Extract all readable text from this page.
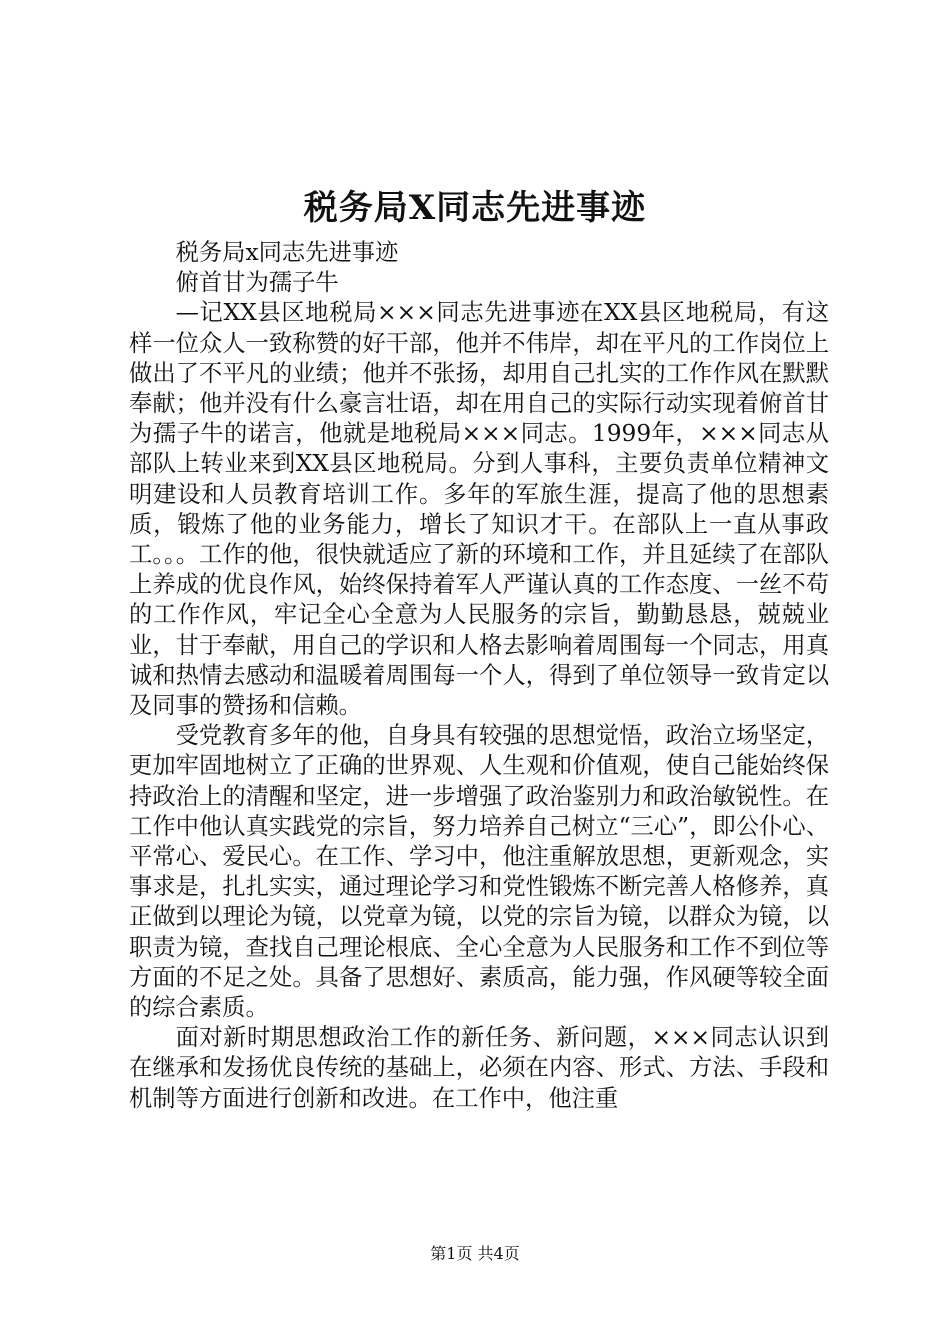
税务局X同志先进事迹

税务局x同志先进事迹

俯首甘为孺子牛

—记XX县区地税局×××同志先进事迹在XX县区地税局，有这样一位众人一致称赞的好干部，他并不伟岸，却在平凡的工作岗位上做出了不平凡的业绩；他并不张扬，却用自己扎实的工作作风在默默奉献；他并没有什么豪言壮语，却在用自己的实际行动实现着俯首甘为孺子牛的诺言，他就是地税局×××同志。1999年，×××同志从部队上转业来到XX县区地税局。分到人事科，主要负责单位精神文明建设和人员教育培训工作。多年的军旅生涯，提高了他的思想素质，锻炼了他的业务能力，增长了知识才干。在部队上一直从事政工。。。工作的他，很快就适应了新的环境和工作，并且延续了在部队上养成的优良作风，始终保持着军人严谨认真的工作态度、一丝不苟的工作作风，牢记全心全意为人民服务的宗旨，勤勤恳恳，兢兢业业，甘于奉献，用自己的学识和人格去影响着周围每一个同志，用真诚和热情去感动和温暖着周围每一个人，得到了单位领导一致肯定以及同事的赞扬和信赖。

受党教育多年的他，自身具有较强的思想觉悟，政治立场坚定，更加牢固地树立了正确的世界观、人生观和价值观，使自己能始终保持政治上的清醒和坚定，进一步增强了政治鉴别力和政治敏锐性。在工作中他认真实践党的宗旨，努力培养自己树立“三心”，即公仆心、平常心、爱民心。在工作、学习中，他注重解放思想，更新观念，实事求是，扎扎实实，通过理论学习和党性锻炼不断完善人格修养，真正做到以理论为镜，以党章为镜，以党的宗旨为镜，以群众为镜，以职责为镜，查找自己理论根底、全心全意为人民服务和工作不到位等方面的不足之处。具备了思想好、素质高，能力强，作风硬等较全面的综合素质。

面对新时期思想政治工作的新任务、新问题，×××同志认识到在继承和发扬优良传统的基础上，必须在内容、形式、方法、手段和机制等方面进行创新和改进。在工作中，他注重

第1页 共4页
